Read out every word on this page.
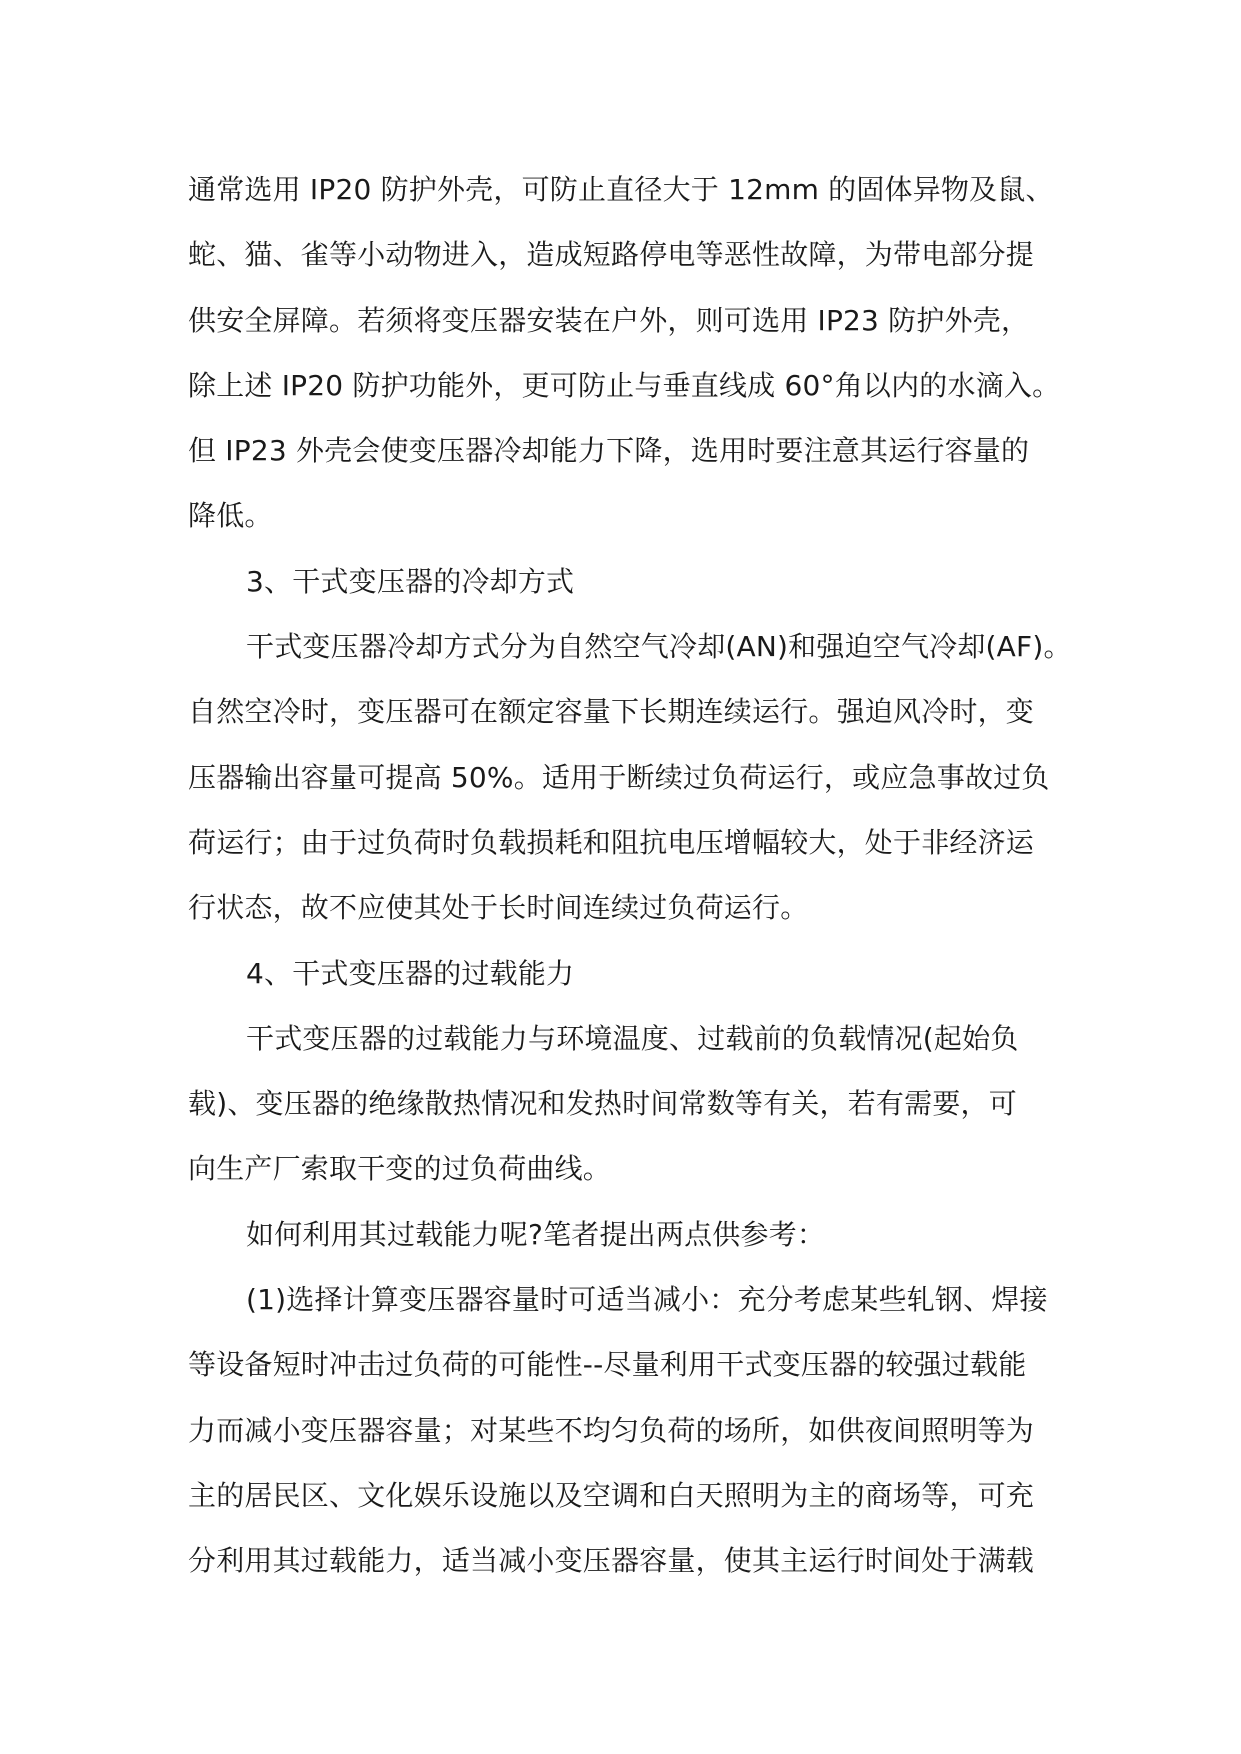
通常选用 IP20 防护外壳，可防止直径大于 12mm 的固体异物及鼠、
蛇、猫、雀等小动物进入，造成短路停电等恶性故障，为带电部分提
供安全屏障。若须将变压器安装在户外，则可选用 IP23 防护外壳，
除上述 IP20 防护功能外，更可防止与垂直线成 60°角以内的水滴入。
但 IP23 外壳会使变压器冷却能力下降，选用时要注意其运行容量的
降低。
3、干式变压器的冷却方式
干式变压器冷却方式分为自然空气冷却(AN)和强迫空气冷却(AF)。
自然空冷时，变压器可在额定容量下长期连续运行。强迫风冷时，变
压器输出容量可提高 50%。适用于断续过负荷运行，或应急事故过负
荷运行；由于过负荷时负载损耗和阻抗电压增幅较大，处于非经济运
行状态，故不应使其处于长时间连续过负荷运行。
4、干式变压器的过载能力
干式变压器的过载能力与环境温度、过载前的负载情况(起始负
载)、变压器的绝缘散热情况和发热时间常数等有关，若有需要，可
向生产厂索取干变的过负荷曲线。
如何利用其过载能力呢?笔者提出两点供参考：
(1)选择计算变压器容量时可适当减小：充分考虑某些轧钢、焊接
等设备短时冲击过负荷的可能性--尽量利用干式变压器的较强过载能
力而减小变压器容量；对某些不均匀负荷的场所，如供夜间照明等为
主的居民区、文化娱乐设施以及空调和白天照明为主的商场等，可充
分利用其过载能力，适当减小变压器容量，使其主运行时间处于满载
